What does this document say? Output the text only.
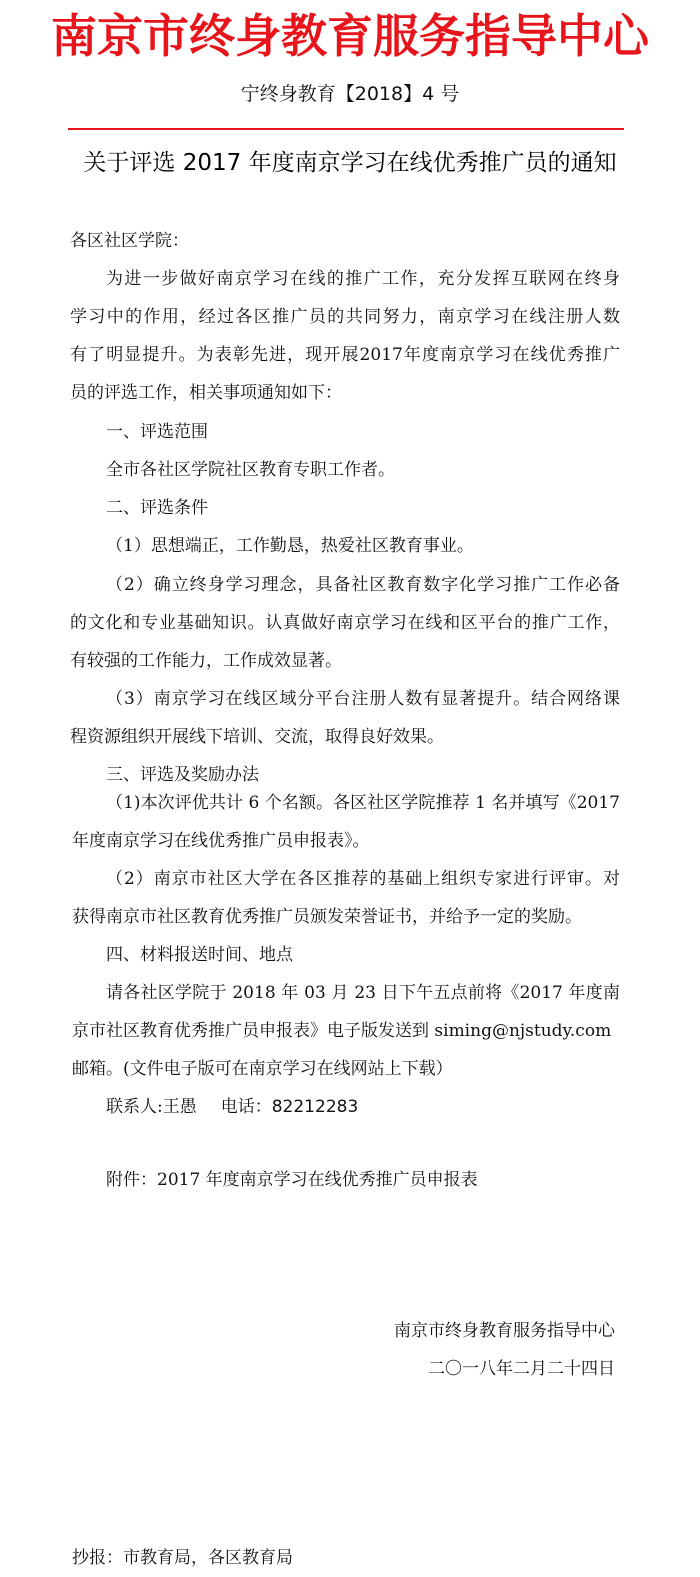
南京市终身教育服务指导中心
宁终身教育【2018】4 号
关于评选 2017 年度南京学习在线优秀推广员的通知
各区社区学院：
为进一步做好南京学习在线的推广工作，充分发挥互联网在终身
学习中的作用，经过各区推广员的共同努力，南京学习在线注册人数
有了明显提升。为表彰先进，现开展2017年度南京学习在线优秀推广
员的评选工作，相关事项通知如下：
一、评选范围
全市各社区学院社区教育专职工作者。
二、评选条件
（1）思想端正，工作勤恳，热爱社区教育事业。
（2）确立终身学习理念，具备社区教育数字化学习推广工作必备
的文化和专业基础知识。认真做好南京学习在线和区平台的推广工作，
有较强的工作能力，工作成效显著。
（3）南京学习在线区域分平台注册人数有显著提升。结合网络课
程资源组织开展线下培训、交流，取得良好效果。
三、评选及奖励办法
（1)本次评优共计 6 个名额。各区社区学院推荐 1 名并填写《2017
年度南京学习在线优秀推广员申报表》。
（2）南京市社区大学在各区推荐的基础上组织专家进行评审。对
获得南京市社区教育优秀推广员颁发荣誉证书，并给予一定的奖励。
四、材料报送时间、地点
请各社区学院于 2018 年 03 月 23 日下午五点前将《2017 年度南
京市社区教育优秀推广员申报表》电子版发送到 siming@njstudy.com
邮箱。(文件电子版可在南京学习在线网站上下载）
联系人:王愚 电话：82212283
附件：2017 年度南京学习在线优秀推广员申报表
南京市终身教育服务指导中心
二〇一八年二月二十四日
抄报：市教育局，各区教育局
